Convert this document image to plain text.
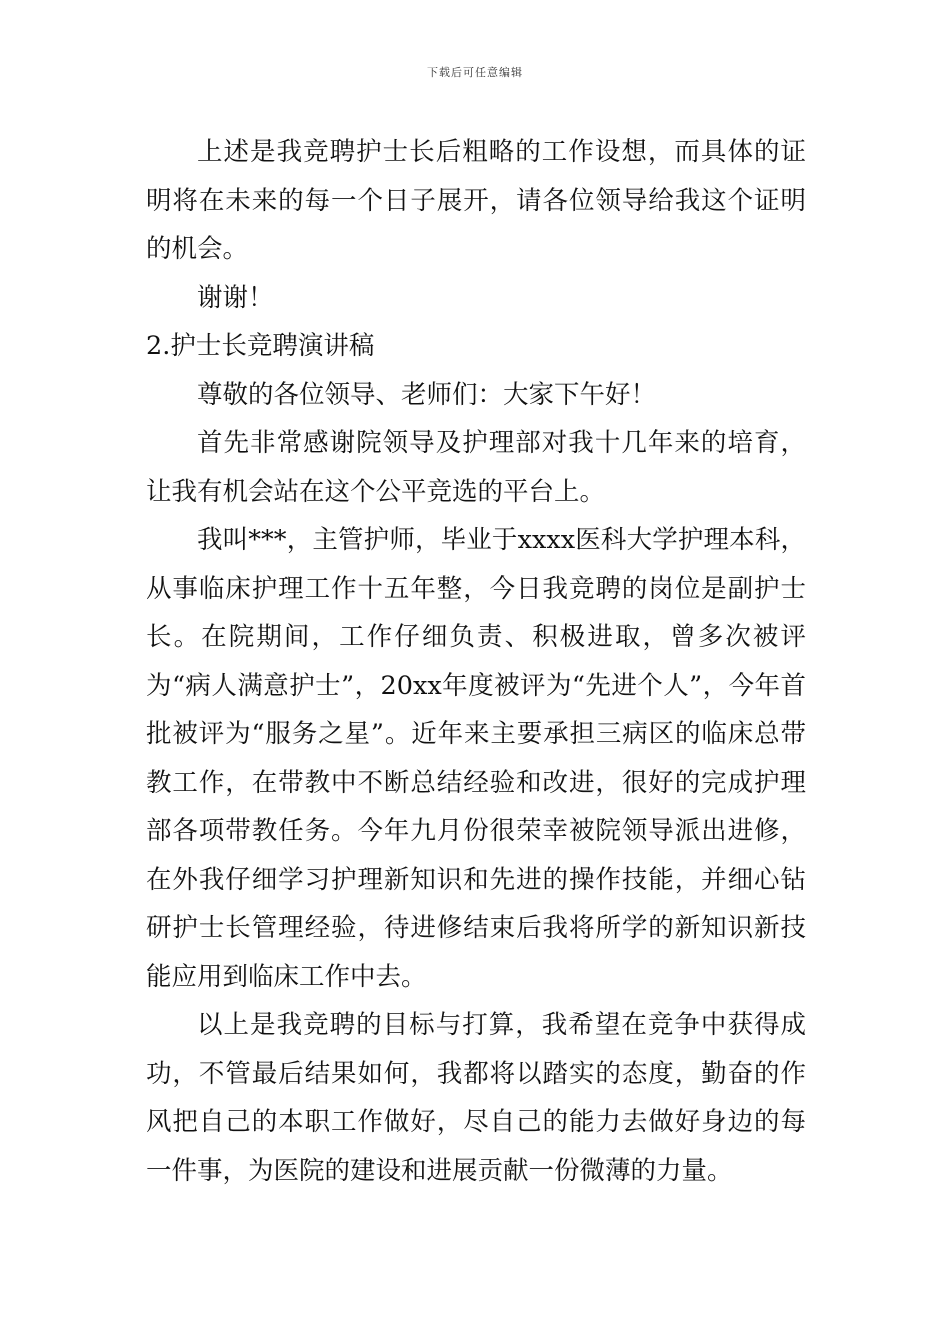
下载后可任意编辑

上述是我竞聘护士长后粗略的工作设想，而具体的证明将在未来的每一个日子展开，请各位领导给我这个证明的机会。

谢谢！

2.护士长竞聘演讲稿

尊敬的各位领导、老师们：大家下午好！

首先非常感谢院领导及护理部对我十几年来的培育，让我有机会站在这个公平竞选的平台上。

我叫***，主管护师，毕业于xxxx医科大学护理本科，从事临床护理工作十五年整，今日我竞聘的岗位是副护士长。在院期间，工作仔细负责、积极进取，曾多次被评为“病人满意护士”，20xx年度被评为“先进个人”，今年首批被评为“服务之星”。近年来主要承担三病区的临床总带教工作，在带教中不断总结经验和改进，很好的完成护理部各项带教任务。今年九月份很荣幸被院领导派出进修，在外我仔细学习护理新知识和先进的操作技能，并细心钻研护士长管理经验，待进修结束后我将所学的新知识新技能应用到临床工作中去。

以上是我竞聘的目标与打算，我希望在竞争中获得成功，不管最后结果如何，我都将以踏实的态度，勤奋的作风把自己的本职工作做好，尽自己的能力去做好身边的每一件事，为医院的建设和进展贡献一份微薄的力量。
